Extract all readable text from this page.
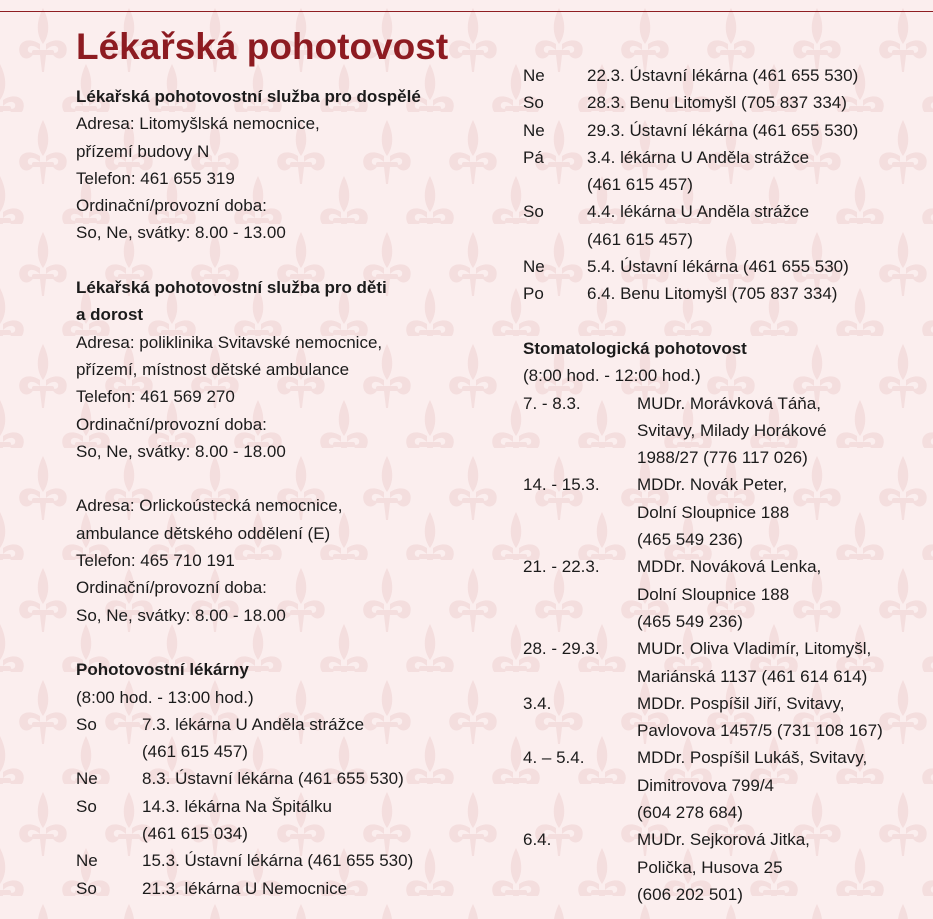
Lékařská pohotovost
Lékařská pohotovostní služba pro dospělé
Adresa: Litomyšlská nemocnice,
přízemí budovy N
Telefon: 461 655 319
Ordinační/provozní doba:
So, Ne, svátky: 8.00 - 13.00
Lékařská pohotovostní služba pro děti
a dorost
Adresa: poliklinika Svitavské nemocnice,
přízemí, místnost dětské ambulance
Telefon: 461 569 270
Ordinační/provozní doba:
So, Ne, svátky: 8.00 - 18.00
Adresa: Orlickoústecká nemocnice,
ambulance dětského oddělení (E)
Telefon: 465 710 191
Ordinační/provozní doba:
So, Ne, svátky: 8.00 - 18.00
Pohotovostní lékárny
(8:00 hod. - 13:00 hod.)
So	7.3. lékárna U Anděla strážce
(461 615 457)
Ne	8.3. Ústavní lékárna (461 655 530)
So	14.3. lékárna Na Špitálku
(461 615 034)
Ne	15.3. Ústavní lékárna (461 655 530)
So	21.3. lékárna U Nemocnice
Ne	22.3. Ústavní lékárna (461 655 530)
So	28.3. Benu Litomyšl (705 837 334)
Ne	29.3. Ústavní lékárna (461 655 530)
Pá	3.4. lékárna U Anděla strážce
(461 615 457)
So	4.4. lékárna U Anděla strážce
(461 615 457)
Ne	5.4. Ústavní lékárna (461 655 530)
Po	6.4. Benu Litomyšl (705 837 334)
Stomatologická pohotovost
(8:00 hod. - 12:00 hod.)
7. - 8.3.	MUDr. Morávková Táňa,
Svitavy, Milady Horákové
1988/27 (776 117 026)
14. - 15.3.	MDDr. Novák Peter,
Dolní Sloupnice 188
(465 549 236)
21. - 22.3.	MDDr. Nováková Lenka,
Dolní Sloupnice 188
(465 549 236)
28. - 29.3.	MUDr. Oliva Vladimír, Litomyšl,
Mariánská 1137 (461 614 614)
3.4.	MDDr. Pospíšil Jiří, Svitavy,
Pavlovova 1457/5 (731 108 167)
4. – 5.4.	MDDr. Pospíšil Lukáš, Svitavy,
Dimitrovova 799/4
(604 278 684)
6.4.	MUDr. Sejkorová Jitka,
Polička, Husova 25
(606 202 501)
